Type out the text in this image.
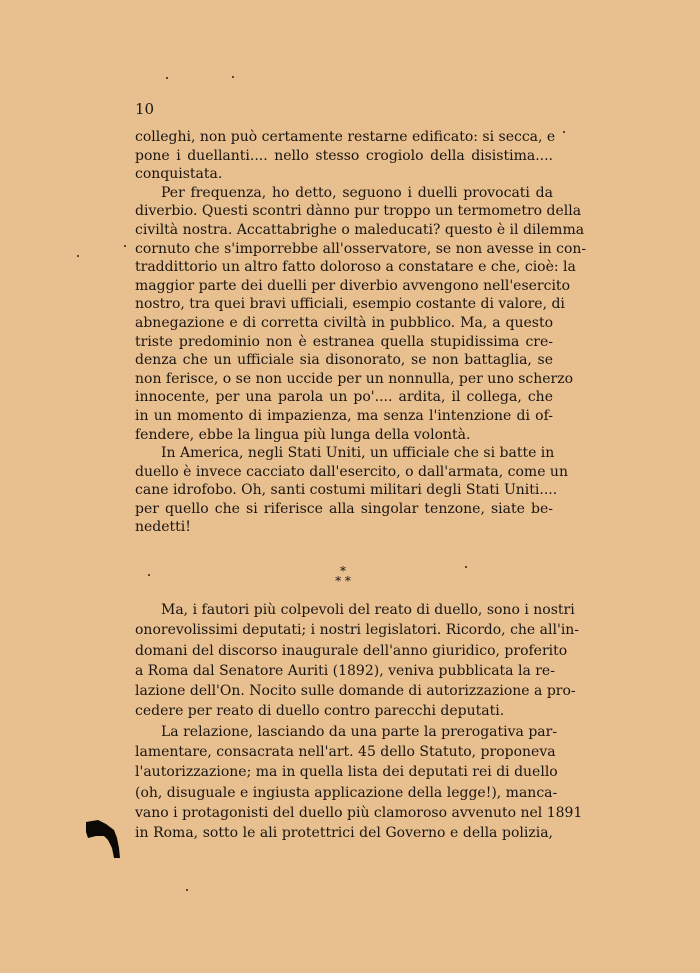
10
colleghi, non può certamente restarne edificato: si secca, e
pone i duellanti.... nello stesso crogiolo della disistima....
conquistata.
Per frequenza, ho detto, seguono i duelli provocati da
diverbio. Questi scontri dànno pur troppo un termometro della
civiltà nostra. Accattabrighe o maleducati? questo è il dilemma
cornuto che s'imporrebbe all'osservatore, se non avesse in con-
traddittorio un altro fatto doloroso a constatare e che, cioè: la
maggior parte dei duelli per diverbio avvengono nell'esercito
nostro, tra quei bravi ufficiali, esempio costante di valore, di
abnegazione e di corretta civiltà in pubblico. Ma, a questo
triste predominio non è estranea quella stupidissima cre-
denza che un ufficiale sia disonorato, se non battaglia, se
non ferisce, o se non uccide per un nonnulla, per uno scherzo
innocente, per una parola un po'.... ardita, il collega, che
in un momento di impazienza, ma senza l'intenzione di of-
fendere, ebbe la lingua più lunga della volontà.
In America, negli Stati Uniti, un ufficiale che si batte in
duello è invece cacciato dall'esercito, o dall'armata, come un
cane idrofobo. Oh, santi costumi militari degli Stati Uniti....
per quello che si riferisce alla singolar tenzone, siate be-
nedetti!
*
* *
Ma, i fautori più colpevoli del reato di duello, sono i nostri
onorevolissimi deputati; i nostri legislatori. Ricordo, che all'in-
domani del discorso inaugurale dell'anno giuridico, proferito
a Roma dal Senatore Auriti (1892), veniva pubblicata la re-
lazione dell'On. Nocito sulle domande di autorizzazione a pro-
cedere per reato di duello contro parecchi deputati.
La relazione, lasciando da una parte la prerogativa par-
lamentare, consacrata nell'art. 45 dello Statuto, proponeva
l'autorizzazione; ma in quella lista dei deputati rei di duello
(oh, disuguale e ingiusta applicazione della legge!), manca-
vano i protagonisti del duello più clamoroso avvenuto nel 1891
in Roma, sotto le ali protettrici del Governo e della polizia,
